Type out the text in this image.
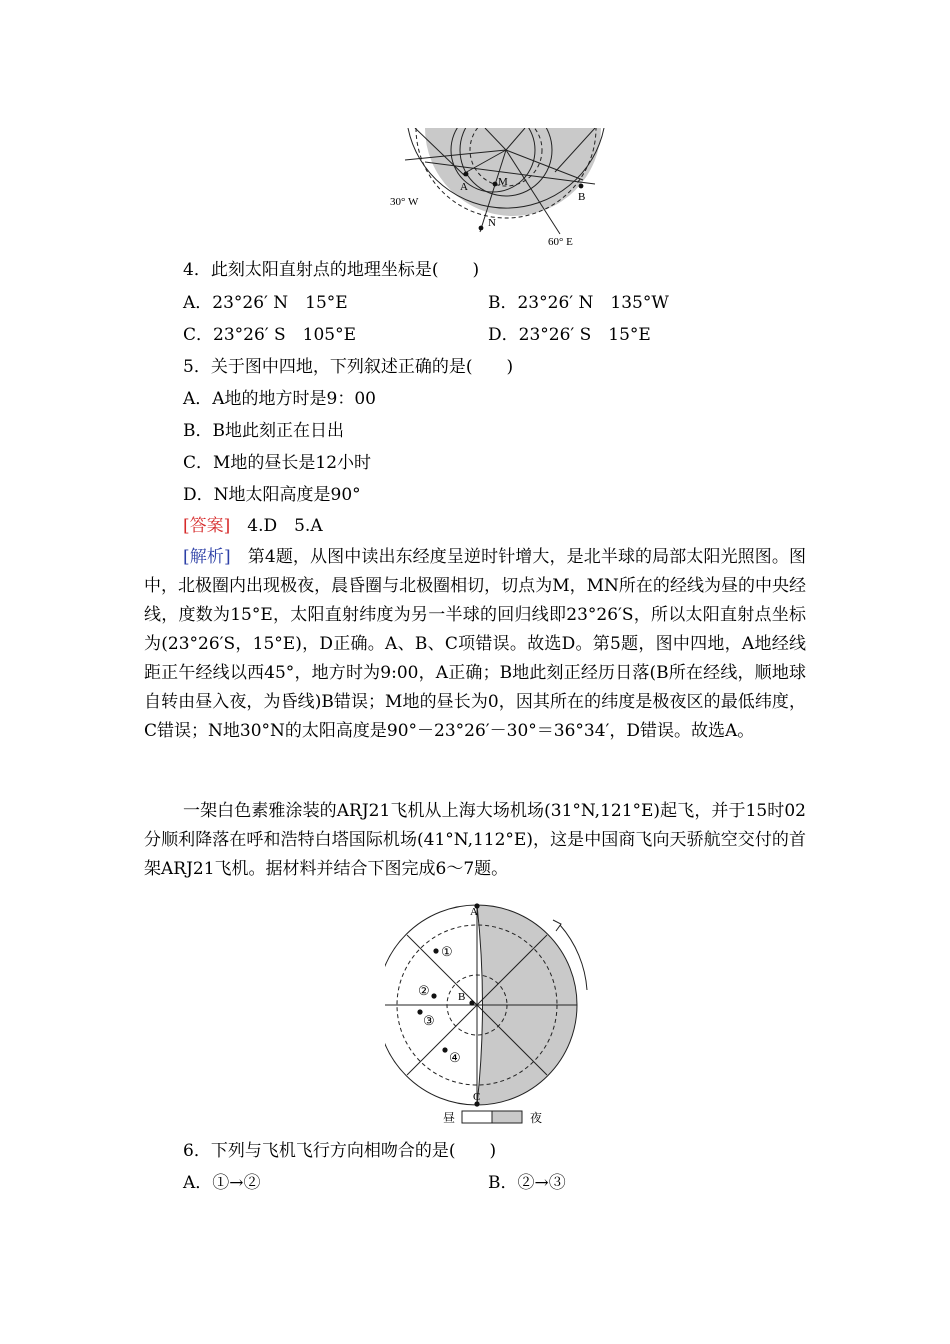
A	M
B
N
30° W
60° E
4．此刻太阳直射点的地理坐标是(　　)
A．23°26′ N　15°E	B．23°26′ N　135°W
C．23°26′ S　105°E	D．23°26′ S　15°E
5．关于图中四地，下列叙述正确的是(　　)
A．A地的地方时是9：00
B．B地此刻正在日出
C．M地的昼长是12小时
D．N地太阳高度是90°
[答案]　4.D　5.A
[解析]　第4题，从图中读出东经度呈逆时针增大，是北半球的局部太阳光照图。图中，北极圈内出现极夜，晨昏圈与北极圈相切，切点为M，MN所在的经线为昼的中央经线，度数为15°E，太阳直射纬度为另一半球的回归线即23°26′S，所以太阳直射点坐标为(23°26′S，15°E)，D正确。A、B、C项错误。故选D。第5题，图中四地，A地经线距正午经线以西45°，地方时为9:00，A正确；B地此刻正经历日落(B所在经线，顺地球自转由昼入夜，为昏线)B错误；M地的昼长为0，因其所在的纬度是极夜区的最低纬度，C错误；N地30°N的太阳高度是90°－23°26′－30°＝36°34′，D错误。故选A。
一架白色素雅涂装的ARJ21飞机从上海大场机场(31°N,121°E)起飞，并于15时02分顺利降落在呼和浩特白塔国际机场(41°N,112°E)，这是中国商飞向天骄航空交付的首架ARJ21飞机。据材料并结合下图完成6～7题。
A
B
C
①
②
③
④
昼	夜
6．下列与飞机飞行方向相吻合的是(　　)
A．①→②	B．②→③
